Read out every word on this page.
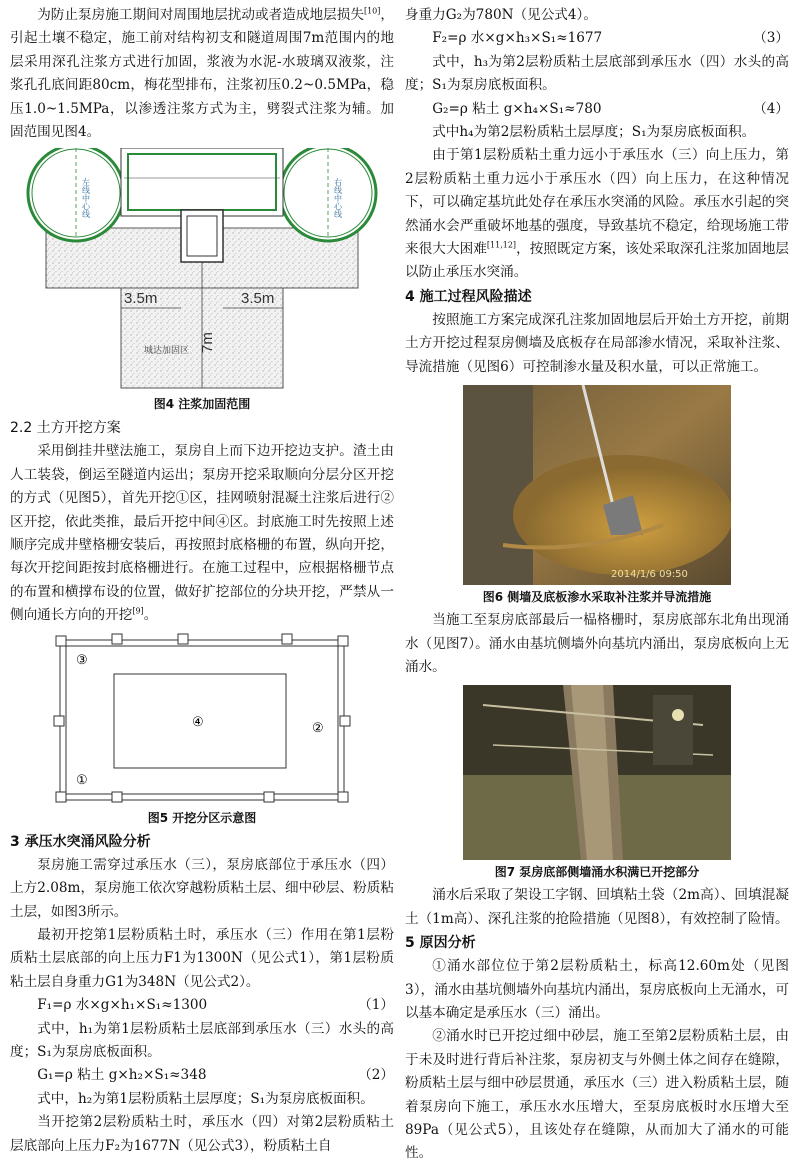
为防止泵房施工期间对周围地层扰动或者造成地层损失[10]，引起土壤不稳定，施工前对结构初支和隧道周围7m范围内的地层采用深孔注浆方式进行加固，浆液为水泥-水玻璃双液浆，注浆孔孔底间距80cm，梅花型排布，注浆初压0.2~0.5MPa，稳压1.0~1.5MPa，以渗透注浆方式为主，劈裂式注浆为辅。加固范围见图4。

左线中心线	右线中心线
3.5m	3.5m
7m
城达加固区
图4 注浆加固范围
2.2 土方开挖方案

采用倒挂井壁法施工，泵房自上而下边开挖边支护。渣土由人工装袋，倒运至隧道内运出；泵房开挖采取顺向分层分区开挖的方式（见图5），首先开挖①区，挂网喷射混凝土注浆后进行②区开挖，依此类推，最后开挖中间④区。封底施工时先按照上述顺序完成井壁格栅安装后，再按照封底格栅的布置，纵向开挖，每次开挖间距按封底格栅进行。在施工过程中，应根据格栅节点的布置和横撑布设的位置，做好扩挖部位的分块开挖，严禁从一侧向通长方向的开挖[9]。

③
②
④
①
图5 开挖分区示意图
3 承压水突涌风险分析

泵房施工需穿过承压水（三），泵房底部位于承压水（四）上方2.08m，泵房施工依次穿越粉质粘土层、细中砂层、粉质粘土层，如图3所示。

最初开挖第1层粉质粘土时，承压水（三）作用在第1层粉质粘土层底部的向上压力F1为1300N（见公式1），第1层粉质粘土层自身重力G1为348N（见公式2）。

F₁=ρ 水×g×h₁×S₁≈1300	（1）

式中，h₁为第1层粉质粘土层底部到承压水（三）水头的高度；S₁为泵房底板面积。

G₁=ρ 粘土 g×h₂×S₁≈348	（2）

式中，h₂为第1层粉质粘土层厚度；S₁为泵房底板面积。

当开挖第2层粉质粘土时，承压水（四）对第2层粉质粘土层底部向上压力F₂为1677N（见公式3），粉质粘土自

身重力G₂为780N（见公式4）。

F₂=ρ 水×g×h₃×S₁≈1677	（3）

式中，h₃为第2层粉质粘土层底部到承压水（四）水头的高度；S₁为泵房底板面积。

G₂=ρ 粘土 g×h₄×S₁≈780	（4）

式中h₄为第2层粉质粘土层厚度；S₁为泵房底板面积。

由于第1层粉质粘土重力远小于承压水（三）向上压力，第2层粉质粘土重力远小于承压水（四）向上压力，在这种情况下，可以确定基坑此处存在承压水突涌的风险。承压水引起的突然涌水会严重破坏地基的强度，导致基坑不稳定，给现场施工带来很大大困难[11,12]，按照既定方案，该处采取深孔注浆加固地层以防止承压水突涌。

4 施工过程风险描述

按照施工方案完成深孔注浆加固地层后开始土方开挖，前期土方开挖过程泵房侧墙及底板存在局部渗水情况，采取补注浆、导流措施（见图6）可控制渗水量及积水量，可以正常施工。

2014/1/6 09:50
图6 侧墙及底板渗水采取补注浆并导流措施

当施工至泵房底部最后一榀格栅时，泵房底部东北角出现涌水（见图7）。涌水由基坑侧墙外向基坑内涌出，泵房底板向上无涌水。

图7 泵房底部侧墙涌水积满已开挖部分

涌水后采取了架设工字钢、回填粘土袋（2m高）、回填混凝土（1m高）、深孔注浆的抢险措施（见图8），有效控制了险情。

5 原因分析

①涌水部位位于第2层粉质粘土，标高12.60m处（见图3），涌水由基坑侧墙外向基坑内涌出，泵房底板向上无涌水，可以基本确定是承压水（三）涌出。

②涌水时已开挖过细中砂层，施工至第2层粉质粘土层，由于未及时进行背后补注浆，泵房初支与外侧土体之间存在缝隙，粉质粘土层与细中砂层贯通，承压水（三）进入粉质粘土层，随着泵房向下施工，承压水水压增大，至泵房底板时水压增大至89Pa（见公式5），且该处存在缝隙，从而加大了涌水的可能性。
